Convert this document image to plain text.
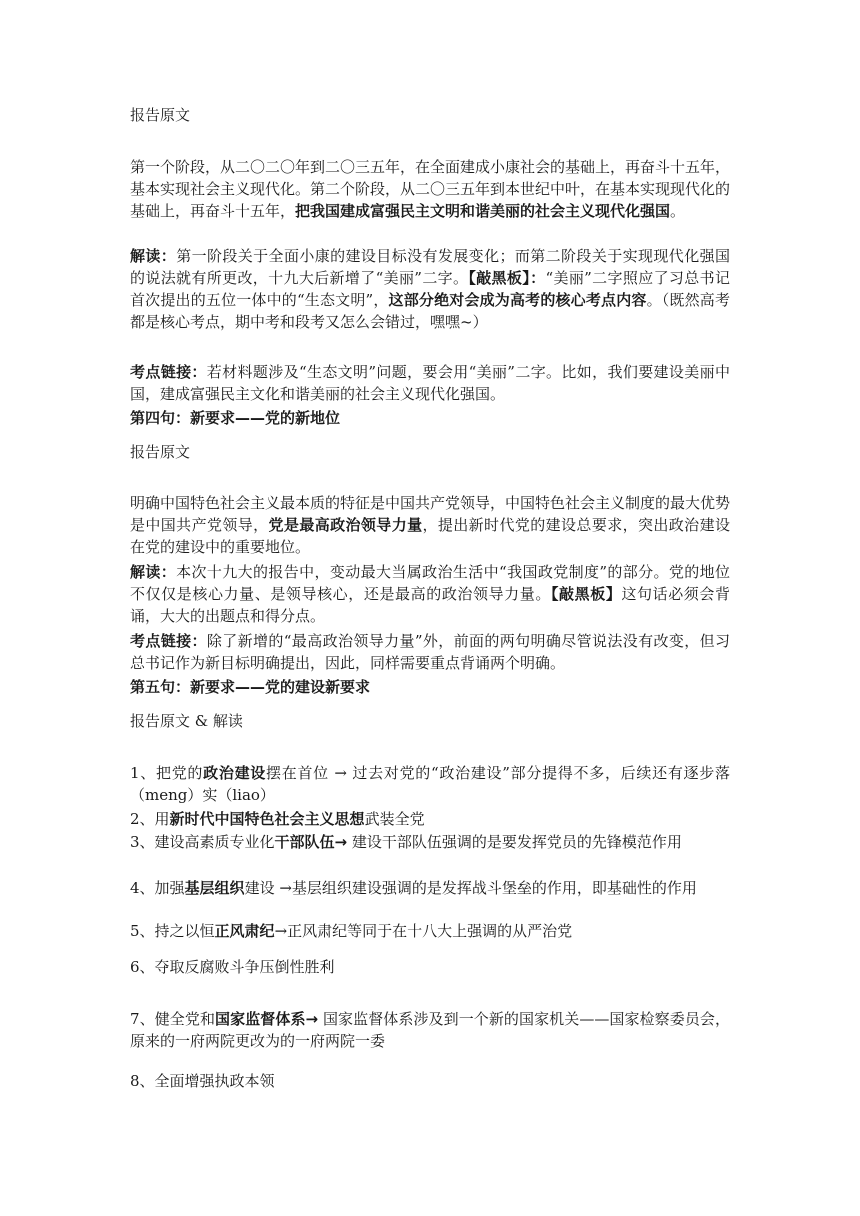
报告原文
第一个阶段，从二〇二〇年到二〇三五年，在全面建成小康社会的基础上，再奋斗十五年，基本实现社会主义现代化。第二个阶段，从二〇三五年到本世纪中叶，在基本实现现代化的基础上，再奋斗十五年，把我国建成富强民主文明和谐美丽的社会主义现代化强国。
解读：第一阶段关于全面小康的建设目标没有发展变化；而第二阶段关于实现现代化强国的说法就有所更改，十九大后新增了“美丽”二字。【敲黑板】：“美丽”二字照应了习总书记首次提出的五位一体中的“生态文明”，这部分绝对会成为高考的核心考点内容。（既然高考都是核心考点，期中考和段考又怎么会错过，嘿嘿~）
考点链接：若材料题涉及“生态文明”问题，要会用“美丽”二字。比如，我们要建设美丽中国，建成富强民主文化和谐美丽的社会主义现代化强国。
第四句：新要求——党的新地位
报告原文
明确中国特色社会主义最本质的特征是中国共产党领导，中国特色社会主义制度的最大优势是中国共产党领导，党是最高政治领导力量，提出新时代党的建设总要求，突出政治建设在党的建设中的重要地位。
解读：本次十九大的报告中，变动最大当属政治生活中“我国政党制度”的部分。党的地位不仅仅是核心力量、是领导核心，还是最高的政治领导力量。【敲黑板】这句话必须会背诵，大大的出题点和得分点。
考点链接：除了新增的“最高政治领导力量”外，前面的两句明确尽管说法没有改变，但习总书记作为新目标明确提出，因此，同样需要重点背诵两个明确。
第五句：新要求——党的建设新要求
报告原文 & 解读
1、把党的政治建设摆在首位 → 过去对党的“政治建设”部分提得不多，后续还有逐步落（meng）实（liao）
2、用新时代中国特色社会主义思想武装全党
3、建设高素质专业化干部队伍→ 建设干部队伍强调的是要发挥党员的先锋模范作用
4、加强基层组织建设 →基层组织建设强调的是发挥战斗堡垒的作用，即基础性的作用
5、持之以恒正风肃纪→正风肃纪等同于在十八大上强调的从严治党
6、夺取反腐败斗争压倒性胜利
7、健全党和国家监督体系→ 国家监督体系涉及到一个新的国家机关——国家检察委员会，原来的一府两院更改为的一府两院一委
8、全面增强执政本领
